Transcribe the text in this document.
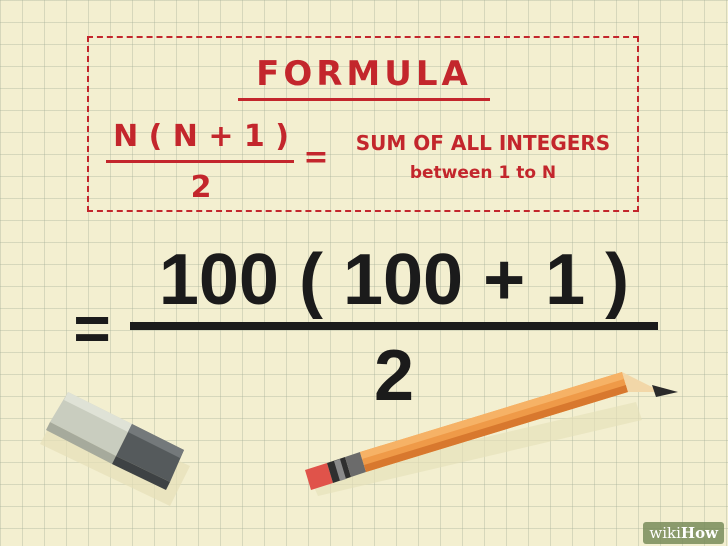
FORMULA
N ( N + 1 )
2
=	SUM OF ALL INTEGERS
between 1 to N
=
100 ( 100 + 1 )
2
wikiHow
